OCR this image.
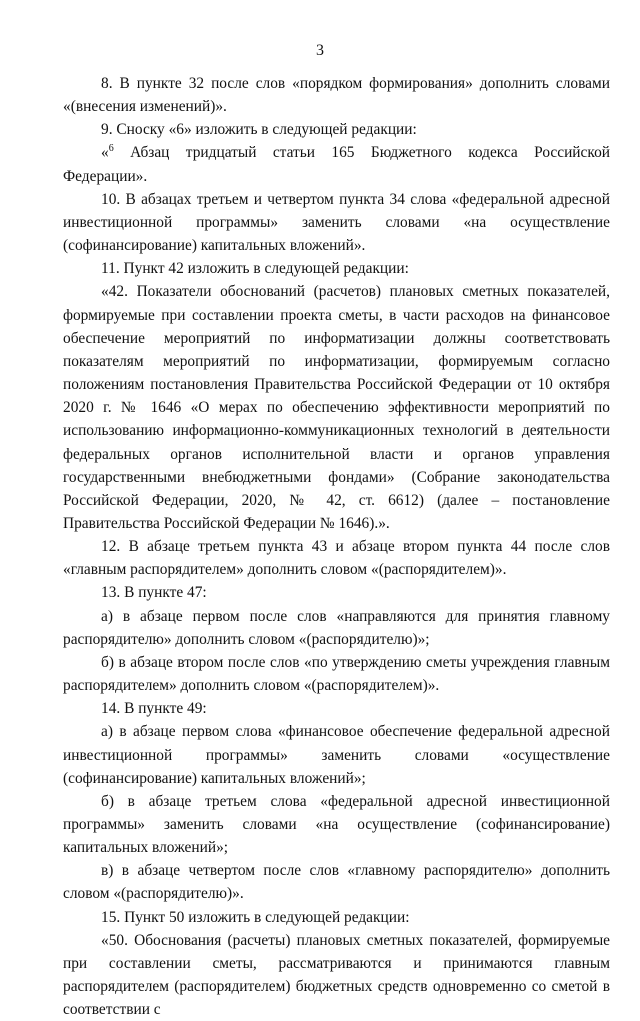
3

8. В пункте 32 после слов «порядком формирования» дополнить словами «(внесения изменений)».

9. Сноску «6» изложить в следующей редакции:

«$^6$ Абзац тридцатый статьи 165 Бюджетного кодекса Российской Федерации».

10. В абзацах третьем и четвертом пункта 34 слова «федеральной адресной инвестиционной программы» заменить словами «на осуществление (софинансирование) капитальных вложений».

11. Пункт 42 изложить в следующей редакции:

«42. Показатели обоснований (расчетов) плановых сметных показателей, формируемые при составлении проекта сметы, в части расходов на финансовое обеспечение мероприятий по информатизации должны соответствовать показателям мероприятий по информатизации, формируемым согласно положениям постановления Правительства Российской Федерации от 10 октября 2020 г. № 1646 «О мерах по обеспечению эффективности мероприятий по использованию информационно-коммуникационных технологий в деятельности федеральных органов исполнительной власти и органов управления государственными внебюджетными фондами» (Собрание законодательства Российской Федерации, 2020, № 42, ст. 6612) (далее – постановление Правительства Российской Федерации № 1646).».

12. В абзаце третьем пункта 43 и абзаце втором пункта 44 после слов «главным распорядителем» дополнить словом «(распорядителем)».

13. В пункте 47:

а) в абзаце первом после слов «направляются для принятия главному распорядителю» дополнить словом «(распорядителю)»;

б) в абзаце втором после слов «по утверждению сметы учреждения главным распорядителем» дополнить словом «(распорядителем)».

14. В пункте 49:

а) в абзаце первом слова «финансовое обеспечение федеральной адресной инвестиционной программы» заменить словами «осуществление (софинансирование) капитальных вложений»;

б) в абзаце третьем слова «федеральной адресной инвестиционной программы» заменить словами «на осуществление (софинансирование) капитальных вложений»;

в) в абзаце четвертом после слов «главному распорядителю» дополнить словом «(распорядителю)».

15. Пункт 50 изложить в следующей редакции:

«50. Обоснования (расчеты) плановых сметных показателей, формируемые при составлении сметы, рассматриваются и принимаются главным распорядителем (распорядителем) бюджетных средств одновременно со сметой в соответствии с
